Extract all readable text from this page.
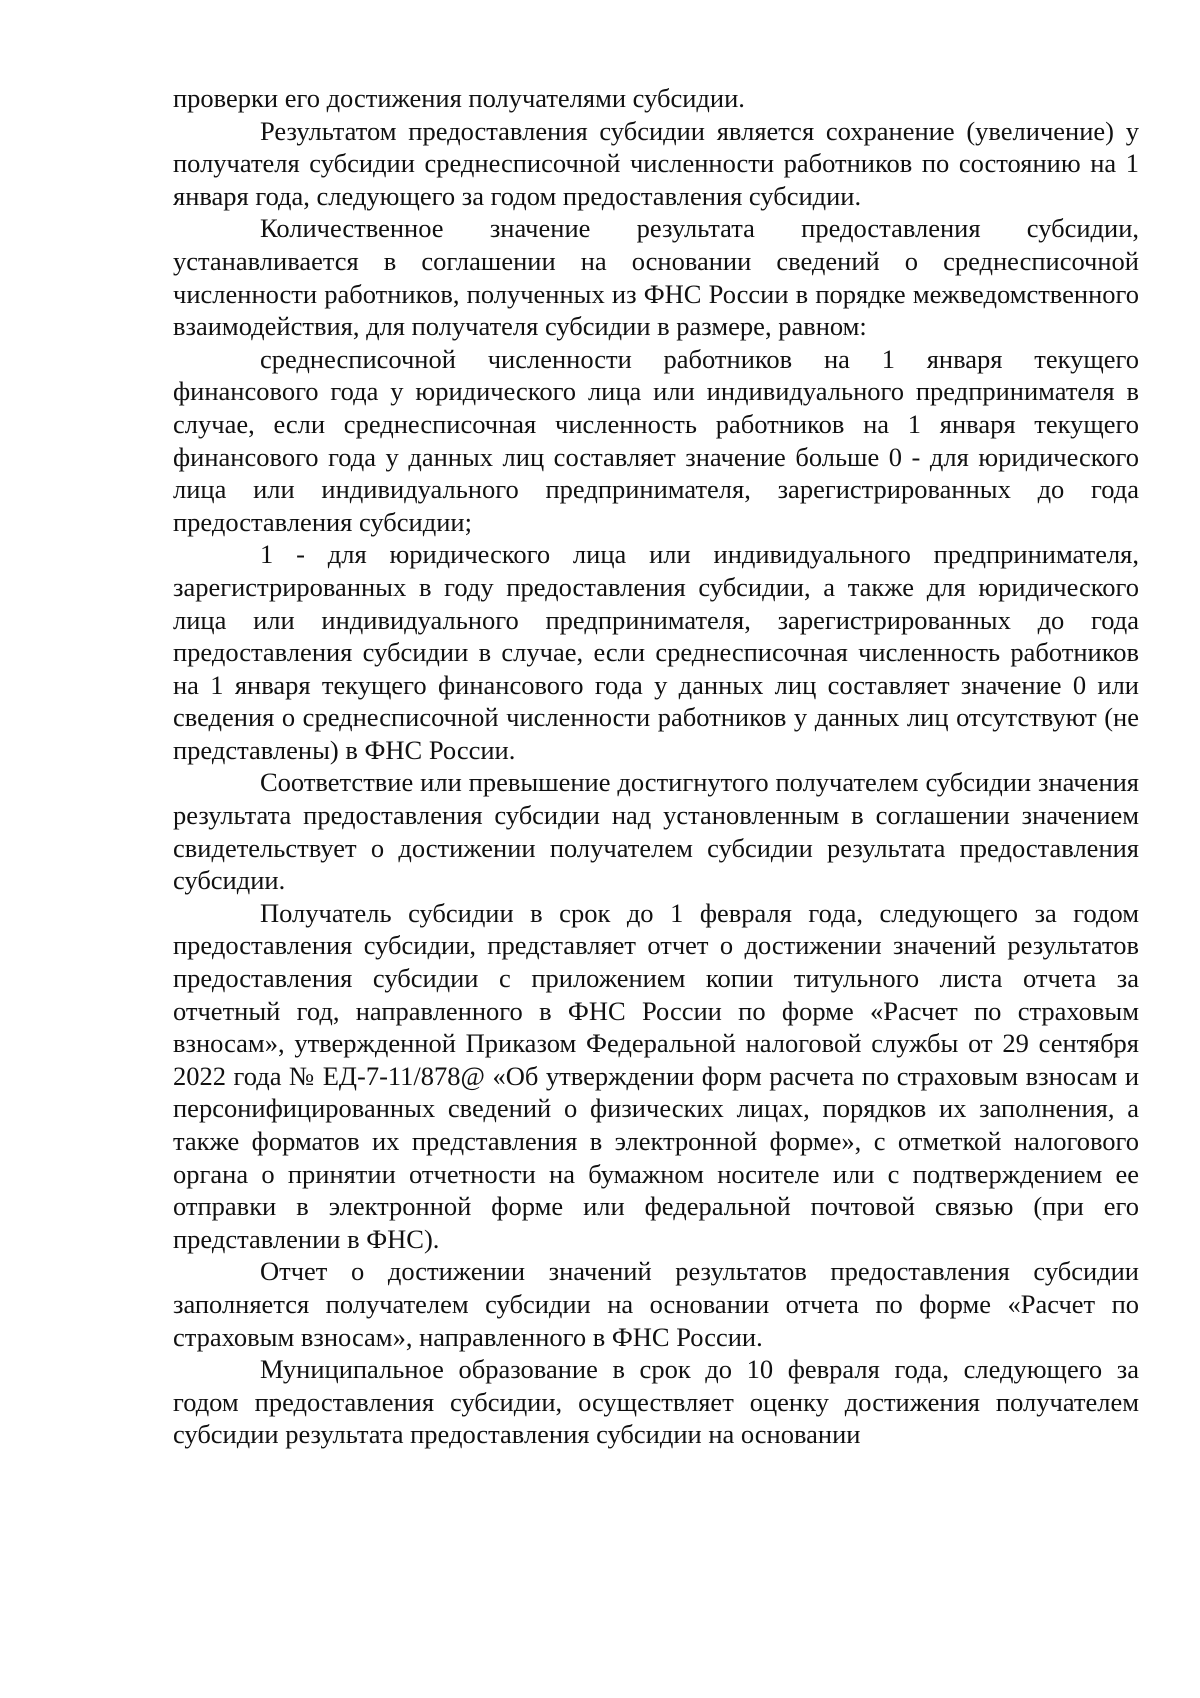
проверки его достижения получателями субсидии.

Результатом предоставления субсидии является сохранение (увеличение) у получателя субсидии среднесписочной численности работников по состоянию на 1 января года, следующего за годом предоставления субсидии.

Количественное значение результата предоставления субсидии, устанавливается в соглашении на основании сведений о среднесписочной численности работников, полученных из ФНС России в порядке межведомственного взаимодействия, для получателя субсидии в размере, равном:

среднесписочной численности работников на 1 января текущего финансового года у юридического лица или индивидуального предпринимателя в случае, если среднесписочная численность работников на 1 января текущего финансового года у данных лиц составляет значение больше 0 - для юридического лица или индивидуального предпринимателя, зарегистрированных до года предоставления субсидии;

1 - для юридического лица или индивидуального предпринимателя, зарегистрированных в году предоставления субсидии, а также для юридического лица или индивидуального предпринимателя, зарегистрированных до года предоставления субсидии в случае, если среднесписочная численность работников на 1 января текущего финансового года у данных лиц составляет значение 0 или сведения о среднесписочной численности работников у данных лиц отсутствуют (не представлены) в ФНС России.

Соответствие или превышение достигнутого получателем субсидии значения результата предоставления субсидии над установленным в соглашении значением свидетельствует о достижении получателем субсидии результата предоставления субсидии.

Получатель субсидии в срок до 1 февраля года, следующего за годом предоставления субсидии, представляет отчет о достижении значений результатов предоставления субсидии с приложением копии титульного листа отчета за отчетный год, направленного в ФНС России по форме «Расчет по страховым взносам», утвержденной Приказом Федеральной налоговой службы от 29 сентября 2022 года № ЕД-7-11/878@ «Об утверждении форм расчета по страховым взносам и персонифицированных сведений о физических лицах, порядков их заполнения, а также форматов их представления в электронной форме», с отметкой налогового органа о принятии отчетности на бумажном носителе или с подтверждением ее отправки в электронной форме или федеральной почтовой связью (при его представлении в ФНС).

Отчет о достижении значений результатов предоставления субсидии заполняется получателем субсидии на основании отчета по форме «Расчет по страховым взносам», направленного в ФНС России.

Муниципальное образование в срок до 10 февраля года, следующего за годом предоставления субсидии, осуществляет оценку достижения получателем субсидии результата предоставления субсидии на основании
